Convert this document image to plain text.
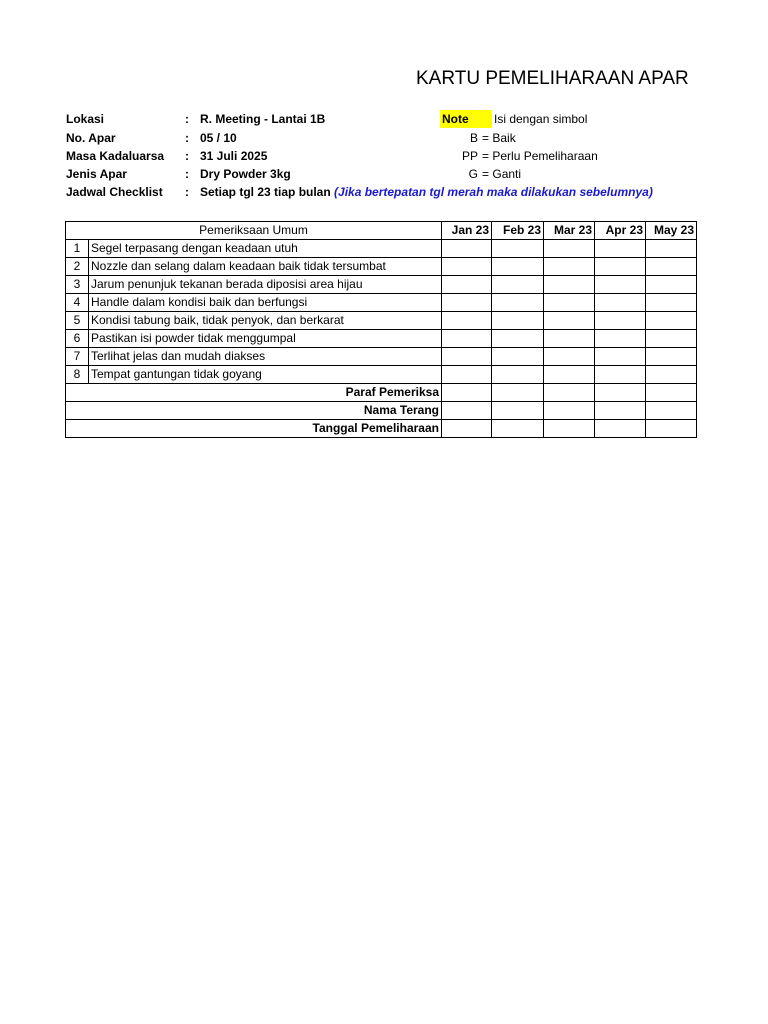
KARTU PEMELIHARAAN APAR
Lokasi	: R. Meeting - Lantai 1B	Note	Isi dengan simbol
No. Apar	: 05 / 10	B = Baik
Masa Kadaluarsa : 31 Juli 2025	PP = Perlu Pemeliharaan
Jenis Apar	: Dry Powder 3kg	G = Ganti
Jadwal Checklist : Setiap tgl 23 tiap bulan (Jika bertepatan tgl merah maka dilakukan sebelumnya)
Pemeriksaan Umum		Jan 23	Feb 23	Mar 23	Apr 23	May 23
1	Segel terpasang dengan keadaan utuh					
2	Nozzle dan selang dalam keadaan baik tidak tersumbat					
3	Jarum penunjuk tekanan berada diposisi area hijau					
4	Handle dalam kondisi baik dan berfungsi					
5	Kondisi tabung baik, tidak penyok, dan berkarat					
6	Pastikan isi powder tidak menggumpal					
7	Terlihat jelas dan mudah diakses					
8	Tempat gantungan tidak goyang					
Paraf Pemeriksa						
Nama Terang						
Tanggal Pemeliharaan						
